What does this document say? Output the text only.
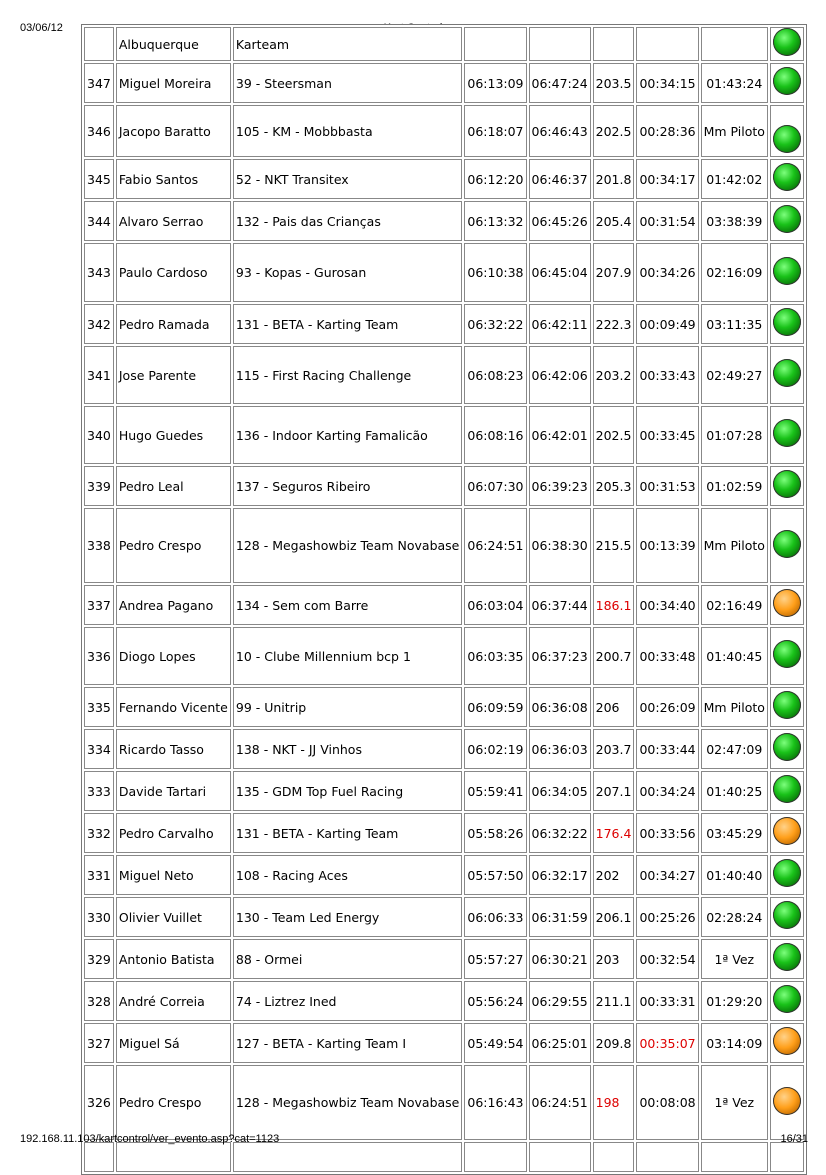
03/06/12
	Albuquerque	Karteam						
347	Miguel Moreira	39 - Steersman	06:13:09	06:47:24	203.5	00:34:15	01:43:24	
346	Jacopo Baratto	105 - KM - Mobbbasta	06:18:07	06:46:43	202.5	00:28:36	Mm Piloto	
345	Fabio Santos	52 - NKT Transitex	06:12:20	06:46:37	201.8	00:34:17	01:42:02	
344	Alvaro Serrao	132 - Pais das Crianças	06:13:32	06:45:26	205.4	00:31:54	03:38:39	
343	Paulo Cardoso	93 - Kopas - Gurosan	06:10:38	06:45:04	207.9	00:34:26	02:16:09	
342	Pedro Ramada	131 - BETA - Karting Team	06:32:22	06:42:11	222.3	00:09:49	03:11:35	
341	Jose Parente	115 - First Racing Challenge	06:08:23	06:42:06	203.2	00:33:43	02:49:27	
340	Hugo Guedes	136 - Indoor Karting Famalicão	06:08:16	06:42:01	202.5	00:33:45	01:07:28	
339	Pedro Leal	137 - Seguros Ribeiro	06:07:30	06:39:23	205.3	00:31:53	01:02:59	
338	Pedro Crespo	128 - Megashowbiz Team Novabase	06:24:51	06:38:30	215.5	00:13:39	Mm Piloto	
337	Andrea Pagano	134 - Sem com Barre	06:03:04	06:37:44	186.1	00:34:40	02:16:49	
336	Diogo Lopes	10 - Clube Millennium bcp 1	06:03:35	06:37:23	200.7	00:33:48	01:40:45	
335	Fernando Vicente	99 - Unitrip	06:09:59	06:36:08	206	00:26:09	Mm Piloto	
334	Ricardo Tasso	138 - NKT - JJ Vinhos	06:02:19	06:36:03	203.7	00:33:44	02:47:09	
333	Davide Tartari	135 - GDM Top Fuel Racing	05:59:41	06:34:05	207.1	00:34:24	01:40:25	
332	Pedro Carvalho	131 - BETA - Karting Team	05:58:26	06:32:22	176.4	00:33:56	03:45:29	
331	Miguel Neto	108 - Racing Aces	05:57:50	06:32:17	202	00:34:27	01:40:40	
330	Olivier Vuillet	130 - Team Led Energy	06:06:33	06:31:59	206.1	00:25:26	02:28:24	
329	Antonio Batista	88 - Ormei	05:57:27	06:30:21	203	00:32:54	1ª Vez	
328	André Correia	74 - Liztrez Ined	05:56:24	06:29:55	211.1	00:33:31	01:29:20	
327	Miguel Sá	127 - BETA - Karting Team I	05:49:54	06:25:01	209.8	00:35:07	03:14:09	
326	Pedro Crespo	128 - Megashowbiz Team Novabase	06:16:43	06:24:51	198	00:08:08	1ª Vez	

192.168.11.103/kartcontrol/ver_evento.asp?cat=1123	16/31
